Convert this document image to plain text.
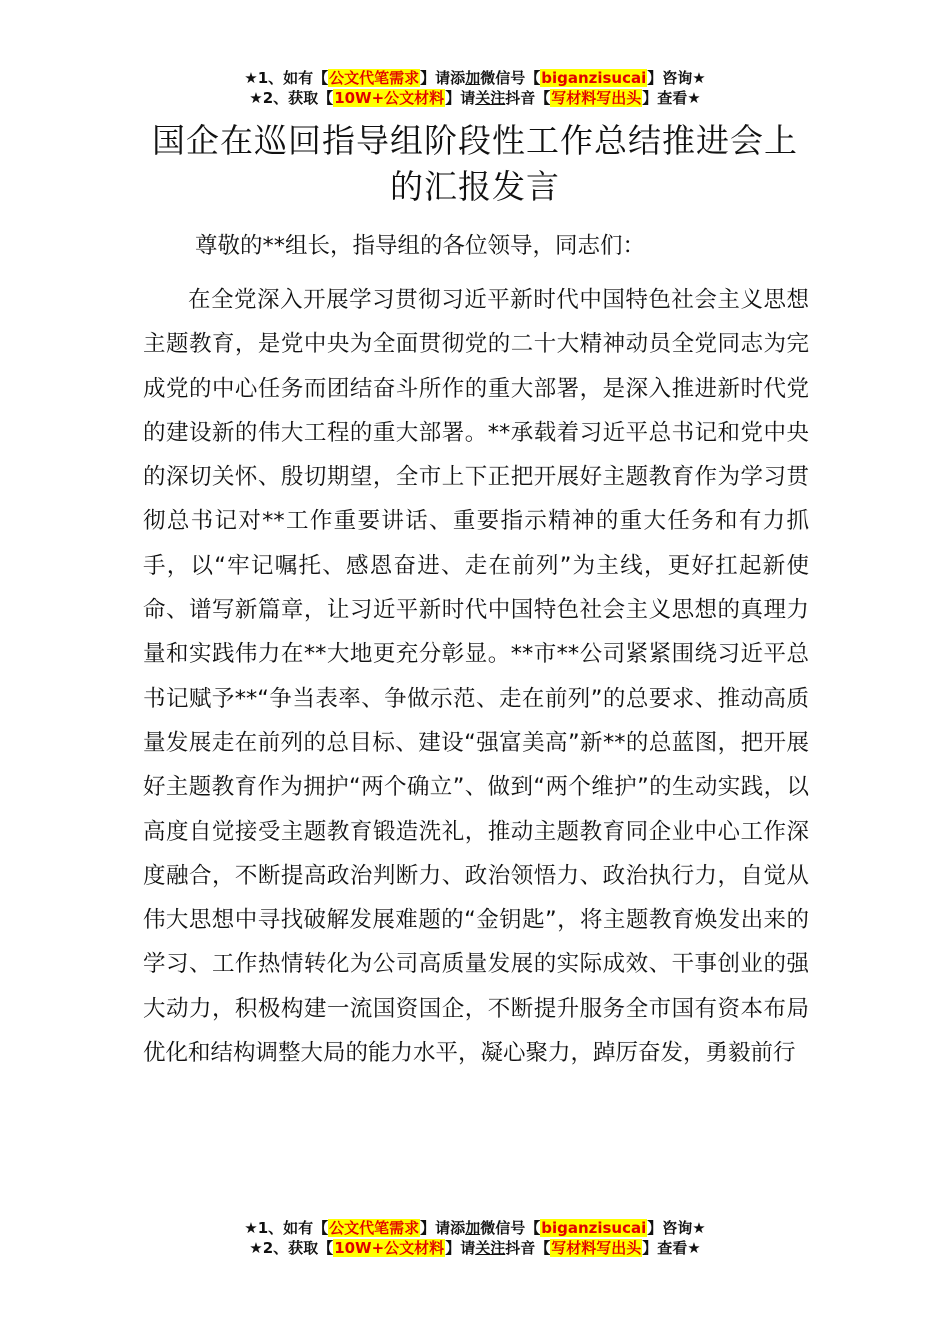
★1、如有【公文代笔需求】请添加微信号【biganzisucai】咨询★
★2、获取【10W+公文材料】请关注抖音【写材料写出头】查看★
国企在巡回指导组阶段性工作总结推进会上的汇报发言
尊敬的**组长，指导组的各位领导，同志们：

在全党深入开展学习贯彻习近平新时代中国特色社会主义思想主题教育，是党中央为全面贯彻党的二十大精神动员全党同志为完成党的中心任务而团结奋斗所作的重大部署，是深入推进新时代党的建设新的伟大工程的重大部署。**承载着习近平总书记和党中央的深切关怀、殷切期望，全市上下正把开展好主题教育作为学习贯彻总书记对**工作重要讲话、重要指示精神的重大任务和有力抓手，以“牢记嘱托、感恩奋进、走在前列”为主线，更好扛起新使命、谱写新篇章，让习近平新时代中国特色社会主义思想的真理力量和实践伟力在**大地更充分彰显。**市**公司紧紧围绕习近平总书记赋予**“争当表率、争做示范、走在前列”的总要求、推动高质量发展走在前列的总目标、建设“强富美高”新**的总蓝图，把开展好主题教育作为拥护“两个确立”、做到“两个维护”的生动实践，以高度自觉接受主题教育锻造洗礼，推动主题教育同企业中心工作深度融合，不断提高政治判断力、政治领悟力、政治执行力，自觉从伟大思想中寻找破解发展难题的“金钥匙”，将主题教育焕发出来的学习、工作热情转化为公司高质量发展的实际成效、干事创业的强大动力，积极构建一流国资国企，不断提升服务全市国有资本布局优化和结构调整大局的能力水平，凝心聚力，踔厉奋发，勇毅前行

★1、如有【公文代笔需求】请添加微信号【biganzisucai】咨询★
★2、获取【10W+公文材料】请关注抖音【写材料写出头】查看★
